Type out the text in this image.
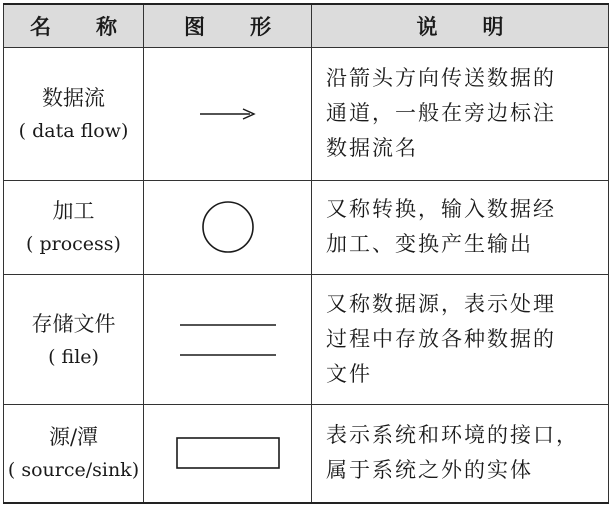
名 称	图 形	说 明

数据流
( data flow)		沿箭头方向传送数据的
通道，一般在旁边标注
数据流名

加工
( process)		又称转换，输入数据经
加工、变换产生输出

存储文件
( file)		又称数据源，表示处理
过程中存放各种数据的
文件

源/潭
( source/sink)		表示系统和环境的接口，
属于系统之外的实体
